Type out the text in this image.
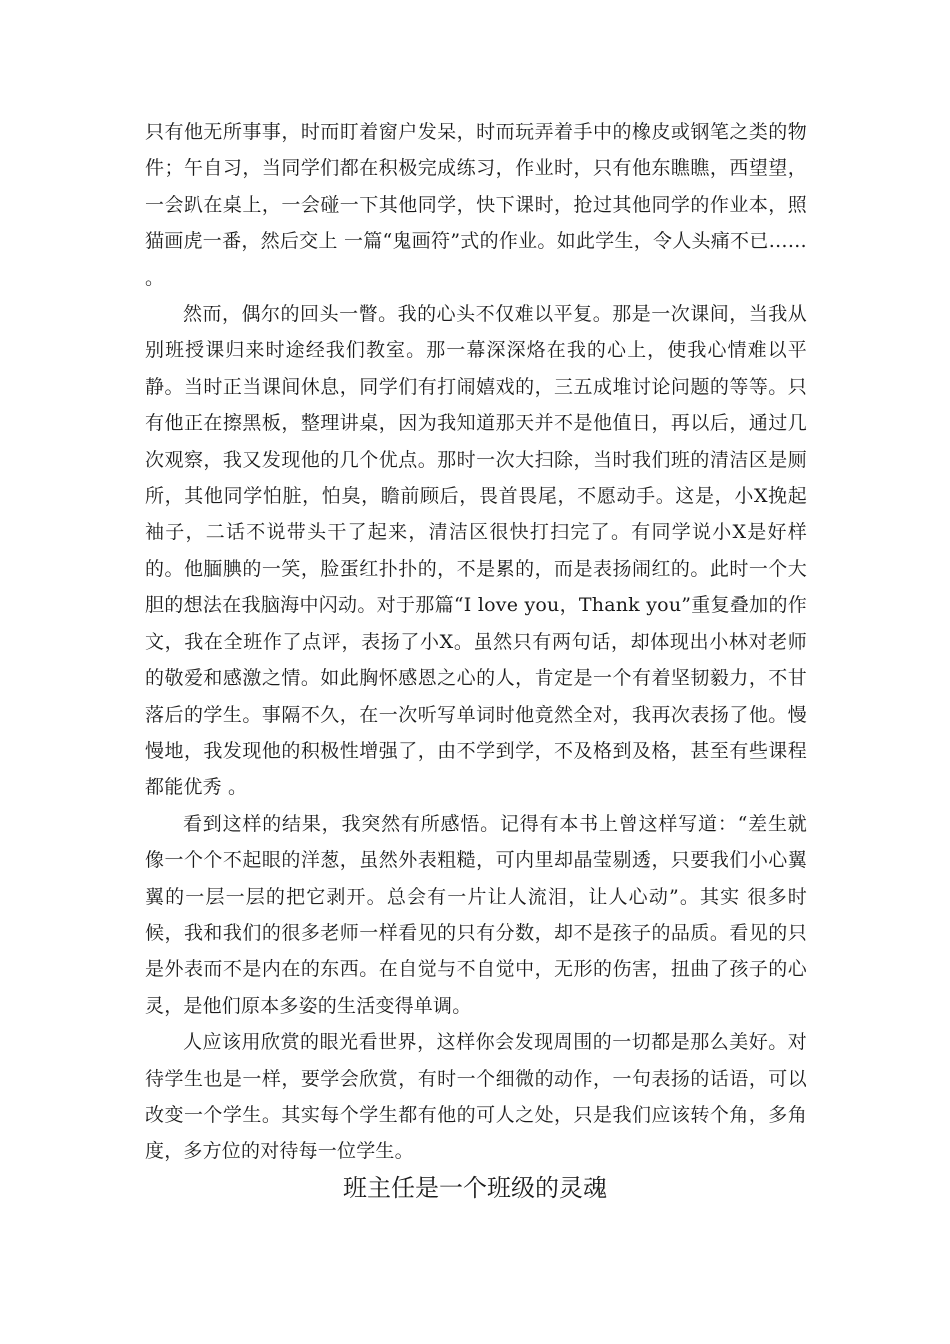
只有他无所事事，时而盯着窗户发呆，时而玩弄着手中的橡皮或钢笔之类的物件；午自习，当同学们都在积极完成练习，作业时，只有他东瞧瞧，西望望，一会趴在桌上，一会碰一下其他同学，快下课时，抢过其他同学的作业本，照猫画虎一番，然后交上 一篇“鬼画符”式的作业。如此学生，令人头痛不已…… 。

然而，偶尔的回头一瞥。我的心头不仅难以平复。那是一次课间，当我从别班授课归来时途经我们教室。那一幕深深烙在我的心上，使我心情难以平静。当时正当课间休息，同学们有打闹嬉戏的，三五成堆讨论问题的等等。只有他正在擦黑板，整理讲桌，因为我知道那天并不是他值日，再以后，通过几次观察，我又发现他的几个优点。那时一次大扫除，当时我们班的清洁区是厕所，其他同学怕脏，怕臭，瞻前顾后，畏首畏尾，不愿动手。这是，小X挽起袖子，二话不说带头干了起来，清洁区很快打扫完了。有同学说小X是好样的。他腼腆的一笑，脸蛋红扑扑的，不是累的，而是表扬闹红的。此时一个大胆的想法在我脑海中闪动。对于那篇“I love you，Thank you”重复叠加的作文，我在全班作了点评，表扬了小X。虽然只有两句话，却体现出小林对老师的敬爱和感激之情。如此胸怀感恩之心的人，肯定是一个有着坚韧毅力，不甘落后的学生。事隔不久，在一次听写单词时他竟然全对，我再次表扬了他。慢慢地，我发现他的积极性增强了，由不学到学，不及格到及格，甚至有些课程都能优秀 。

看到这样的结果，我突然有所感悟。记得有本书上曾这样写道：“差生就像一个个不起眼的洋葱，虽然外表粗糙，可内里却晶莹剔透，只要我们小心翼翼的一层一层的把它剥开。总会有一片让人流泪，让人心动”。其实 很多时候，我和我们的很多老师一样看见的只有分数，却不是孩子的品质。看见的只是外表而不是内在的东西。在自觉与不自觉中，无形的伤害，扭曲了孩子的心灵，是他们原本多姿的生活变得单调。

人应该用欣赏的眼光看世界，这样你会发现周围的一切都是那么美好。对待学生也是一样，要学会欣赏，有时一个细微的动作，一句表扬的话语，可以改变一个学生。其实每个学生都有他的可人之处，只是我们应该转个角，多角度，多方位的对待每一位学生。

班主任是一个班级的灵魂
